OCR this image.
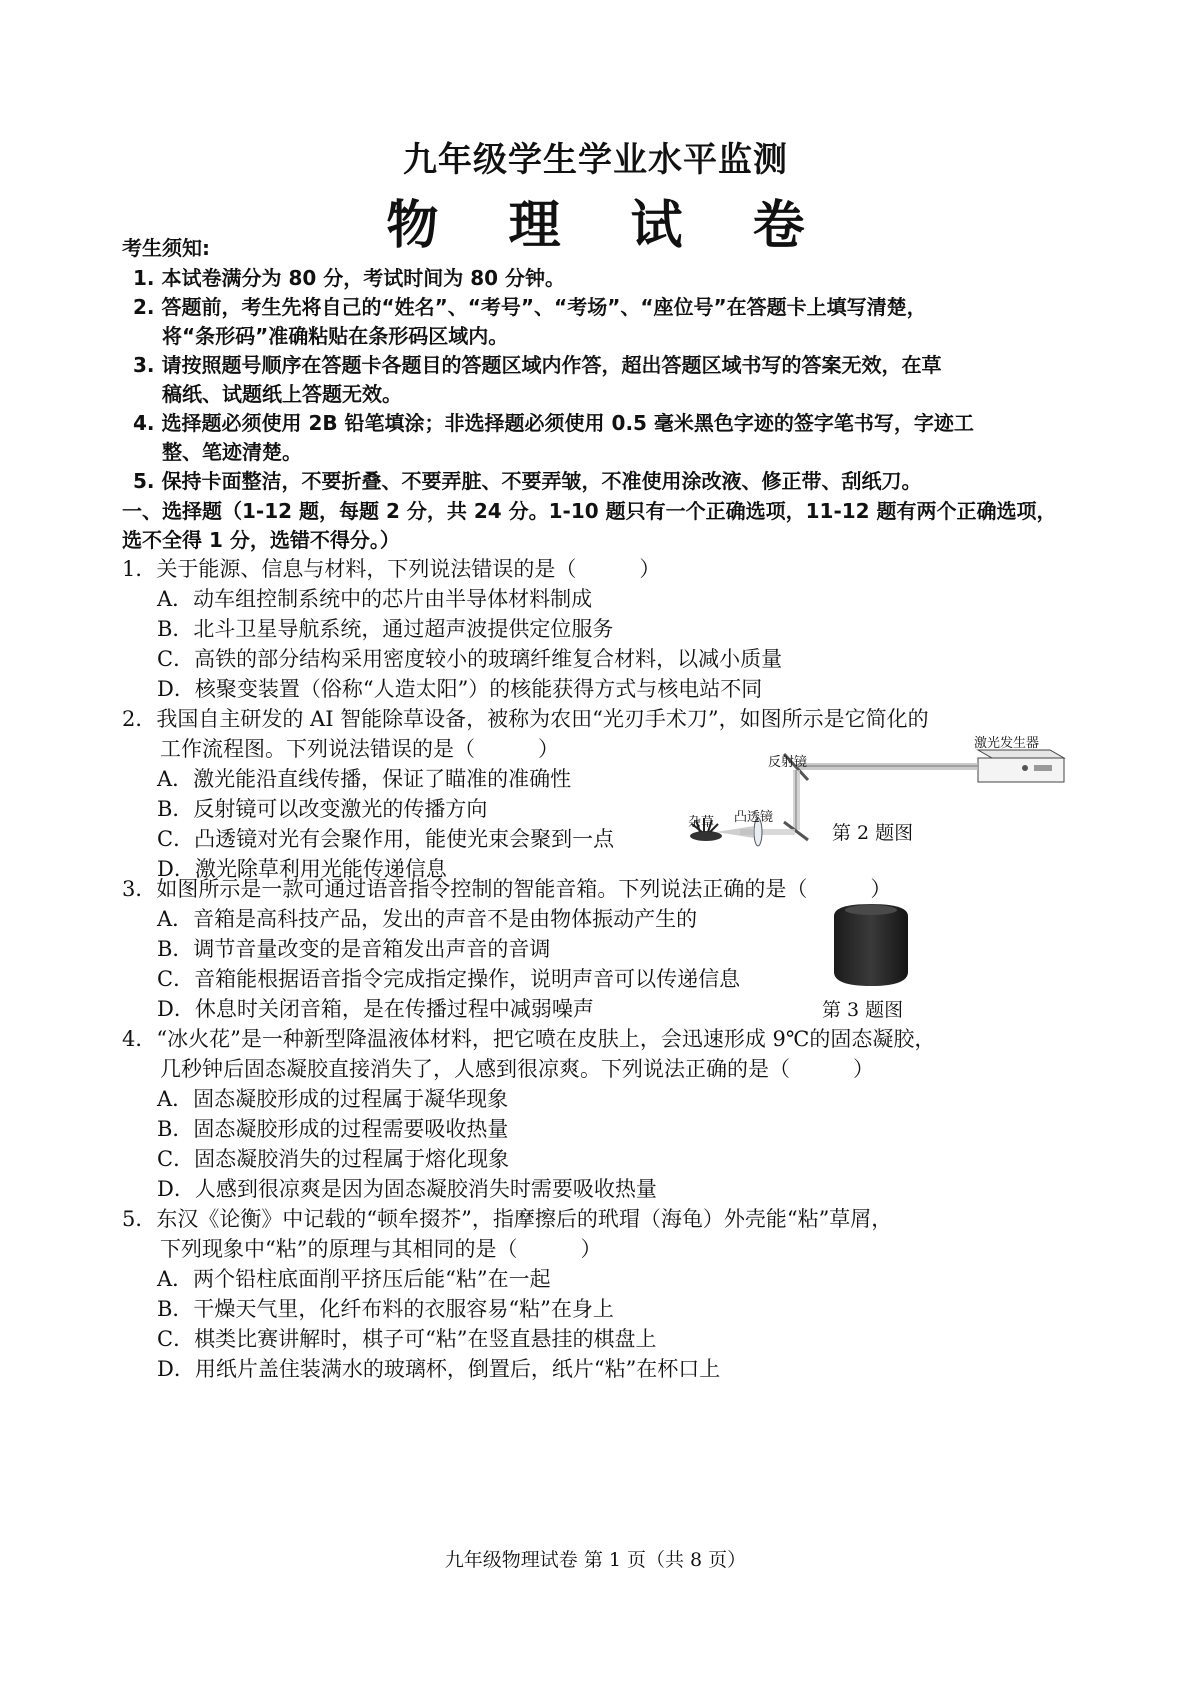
九年级学生学业水平监测
物 理 试 卷
考生须知:
1. 本试卷满分为 80 分，考试时间为 80 分钟。
2. 答题前，考生先将自己的“姓名”、“考号”、“考场”、“座位号”在答题卡上填写清楚，
将“条形码”准确粘贴在条形码区域内。
3. 请按照题号顺序在答题卡各题目的答题区域内作答，超出答题区域书写的答案无效，在草
稿纸、试题纸上答题无效。
4. 选择题必须使用 2B 铅笔填涂；非选择题必须使用 0.5 毫米黑色字迹的签字笔书写，字迹工
整、笔迹清楚。
5. 保持卡面整洁，不要折叠、不要弄脏、不要弄皱，不准使用涂改液、修正带、刮纸刀。
一、选择题（1-12 题，每题 2 分，共 24 分。1-10 题只有一个正确选项，11-12 题有两个正确选项，
选不全得 1 分，选错不得分。）
1．关于能源、信息与材料，下列说法错误的是（　　　）
A．动车组控制系统中的芯片由半导体材料制成
B．北斗卫星导航系统，通过超声波提供定位服务
C．高铁的部分结构采用密度较小的玻璃纤维复合材料，以减小质量
D．核聚变装置（俗称“人造太阳”）的核能获得方式与核电站不同
2．我国自主研发的 AI 智能除草设备，被称为农田“光刃手术刀”，如图所示是它简化的
工作流程图。下列说法错误的是（　　　）
A．激光能沿直线传播，保证了瞄准的准确性
B．反射镜可以改变激光的传播方向
C．凸透镜对光有会聚作用，能使光束会聚到一点
D．激光除草利用光能传递信息
反射镜
激光发生器
杂草 凸透镜
第 2 题图
3．如图所示是一款可通过语音指令控制的智能音箱。下列说法正确的是（　　　）
A．音箱是高科技产品，发出的声音不是由物体振动产生的
B．调节音量改变的是音箱发出声音的音调
C．音箱能根据语音指令完成指定操作，说明声音可以传递信息
D．休息时关闭音箱，是在传播过程中减弱噪声	第 3 题图
4．“冰火花”是一种新型降温液体材料，把它喷在皮肤上，会迅速形成 9℃的固态凝胶，
几秒钟后固态凝胶直接消失了，人感到很凉爽。下列说法正确的是（　　　）
A．固态凝胶形成的过程属于凝华现象
B．固态凝胶形成的过程需要吸收热量
C．固态凝胶消失的过程属于熔化现象
D．人感到很凉爽是因为固态凝胶消失时需要吸收热量
5．东汉《论衡》中记载的“顿牟掇芥”，指摩擦后的玳瑁（海龟）外壳能“粘”草屑，
下列现象中“粘”的原理与其相同的是（　　　）
A．两个铅柱底面削平挤压后能“粘”在一起
B．干燥天气里，化纤布料的衣服容易“粘”在身上
C．棋类比赛讲解时，棋子可“粘”在竖直悬挂的棋盘上
D．用纸片盖住装满水的玻璃杯，倒置后，纸片“粘”在杯口上
九年级物理试卷 第 1 页（共 8 页）
